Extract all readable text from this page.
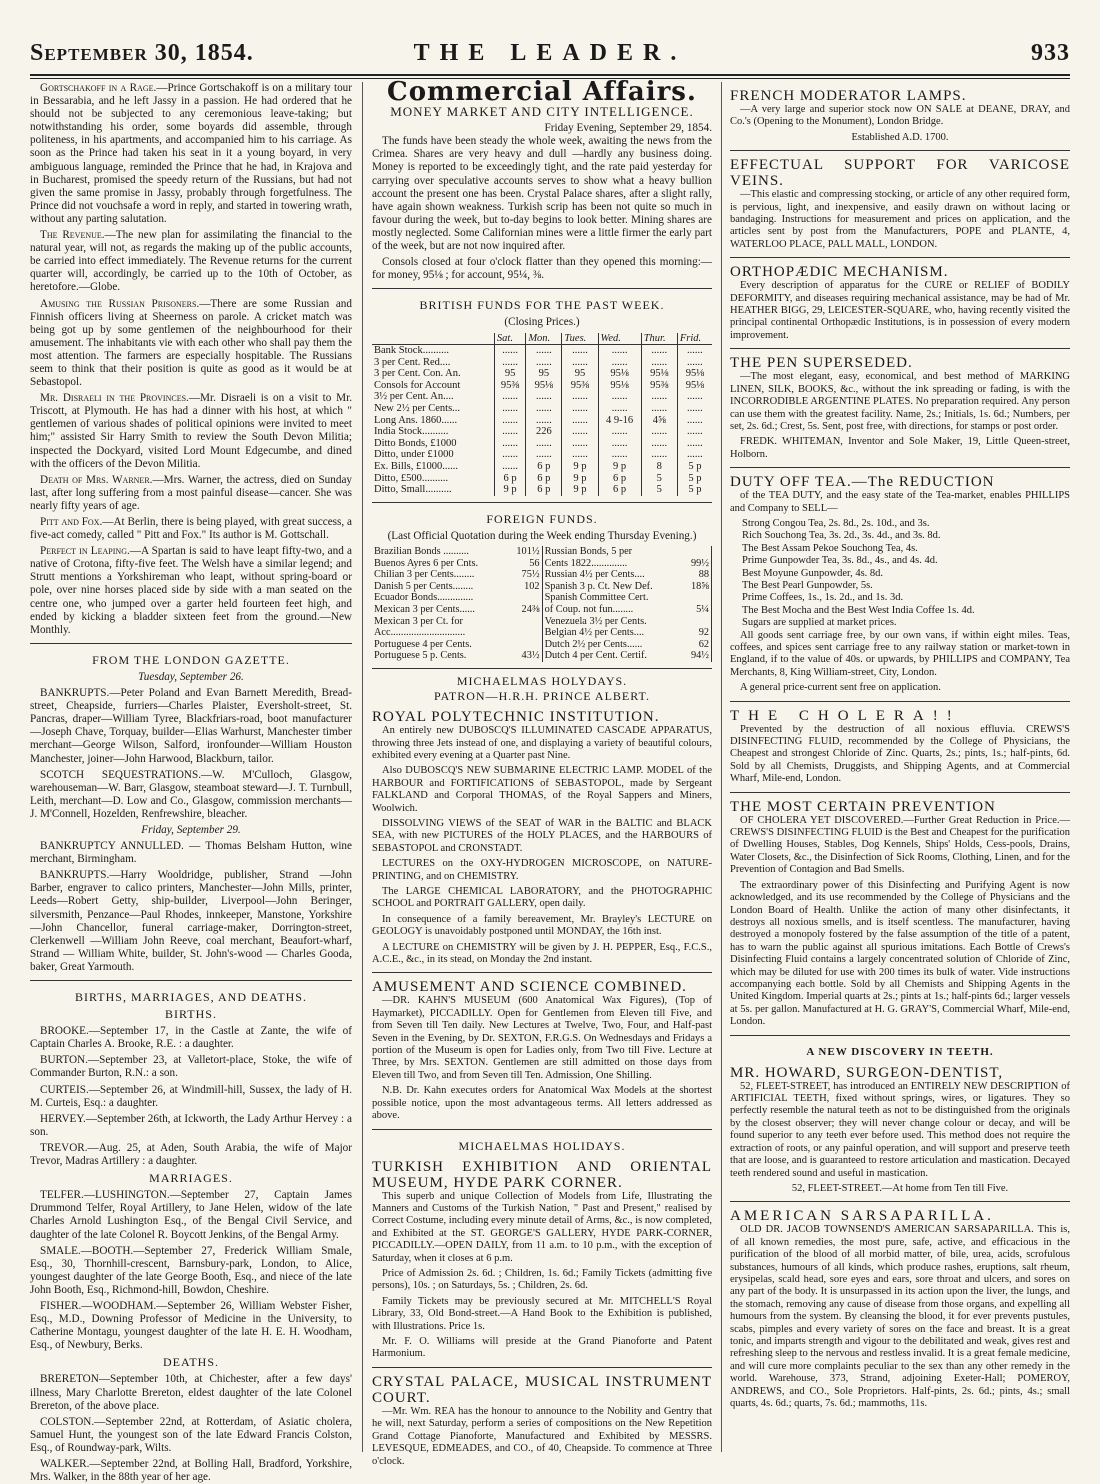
September 30, 1854.	THE LEADER.	933

Gortschakoff in a Rage.—Prince Gortschakoff is on a military tour in Bessarabia, and he left Jassy in a passion. He had ordered that he should not be subjected to any ceremonious leave-taking; but notwithstanding his order, some boyards did assemble, through politeness, in his apartments, and accompanied him to his carriage. As soon as the Prince had taken his seat in it a young boyard, in very ambiguous language, reminded the Prince that he had, in Krajova and in Bucharest, promised the speedy return of the Russians, but had not given the same promise in Jassy, probably through forgetfulness. The Prince did not vouchsafe a word in reply, and started in towering wrath, without any parting salutation.

The Revenue.—The new plan for assimilating the financial to the natural year, will not, as regards the making up of the public accounts, be carried into effect immediately. The Revenue returns for the current quarter will, accordingly, be carried up to the 10th of October, as heretofore.—Globe.

Amusing the Russian Prisoners.—There are some Russian and Finnish officers living at Sheerness on parole. A cricket match was being got up by some gentlemen of the neighbourhood for their amusement. The inhabitants vie with each other who shall pay them the most attention. The farmers are especially hospitable. The Russians seem to think that their position is quite as good as it would be at Sebastopol.

Mr. Disraeli in the Provinces.—Mr. Disraeli is on a visit to Mr. Triscott, at Plymouth. He has had a dinner with his host, at which " gentlemen of various shades of political opinions were invited to meet him;" assisted Sir Harry Smith to review the South Devon Militia; inspected the Dockyard, visited Lord Mount Edgecumbe, and dined with the officers of the Devon Militia.

Death of Mrs. Warner.—Mrs. Warner, the actress, died on Sunday last, after long suffering from a most painful disease—cancer. She was nearly fifty years of age.

Pitt and Fox.—At Berlin, there is being played, with great success, a five-act comedy, called " Pitt and Fox." Its author is M. Gottschall.

Perfect in Leaping.—A Spartan is said to have leapt fifty-two, and a native of Crotona, fifty-five feet. The Welsh have a similar legend; and Strutt mentions a Yorkshireman who leapt, without spring-board or pole, over nine horses placed side by side with a man seated on the centre one, who jumped over a garter held fourteen feet high, and ended by kicking a bladder sixteen feet from the ground.—New Monthly.

FROM THE LONDON GAZETTE.
Tuesday, September 26.

BANKRUPTS.—Peter Poland and Evan Barnett Meredith, Bread-street, Cheapside, furriers—Charles Plaister, Eversholt-street, St. Pancras, draper—William Tyree, Blackfriars-road, boot manufacturer—Joseph Chave, Torquay, builder—Elias Warhurst, Manchester timber merchant—George Wilson, Salford, ironfounder—William Houston Manchester, joiner—John Harwood, Blackburn, tailor.

SCOTCH SEQUESTRATIONS.—W. M'Culloch, Glasgow, warehouseman—W. Barr, Glasgow, steamboat steward—J. T. Turnbull, Leith, merchant—D. Low and Co., Glasgow, commission merchants—J. M'Connell, Hozelden, Renfrewshire, bleacher.

Friday, September 29.

BANKRUPTCY ANNULLED. — Thomas Belsham Hutton, wine merchant, Birmingham.

BANKRUPTS.—Harry Wooldridge, publisher, Strand —John Barber, engraver to calico printers, Manchester—John Mills, printer, Leeds—Robert Getty, ship-builder, Liverpool—John Beringer, silversmith, Penzance—Paul Rhodes, innkeeper, Manstone, Yorkshire—John Chancellor, funeral carriage-maker, Dorrington-street, Clerkenwell —William John Reeve, coal merchant, Beaufort-wharf, Strand — William White, builder, St. John's-wood — Charles Gooda, baker, Great Yarmouth.

BIRTHS, MARRIAGES, AND DEATHS.
BIRTHS.

BROOKE.—September 17, in the Castle at Zante, the wife of Captain Charles A. Brooke, R.E. : a daughter.

BURTON.—September 23, at Valletort-place, Stoke, the wife of Commander Burton, R.N.: a son.

CURTEIS.—September 26, at Windmill-hill, Sussex, the lady of H. M. Curteis, Esq.: a daughter.

HERVEY.—September 26th, at Ickworth, the Lady Arthur Hervey : a son.

TREVOR.—Aug. 25, at Aden, South Arabia, the wife of Major Trevor, Madras Artillery : a daughter.

MARRIAGES.

TELFER.—LUSHINGTON.—September 27, Captain James Drummond Telfer, Royal Artillery, to Jane Helen, widow of the late Charles Arnold Lushington Esq., of the Bengal Civil Service, and daughter of the late Colonel R. Boycott Jenkins, of the Bengal Army.

SMALE.—BOOTH.—September 27, Frederick William Smale, Esq., 30, Thornhill-crescent, Barnsbury-park, London, to Alice, youngest daughter of the late George Booth, Esq., and niece of the late John Booth, Esq., Richmond-hill, Bowdon, Cheshire.

FISHER.—WOODHAM.—September 26, William Webster Fisher, Esq., M.D., Downing Professor of Medicine in the University, to Catherine Montagu, youngest daughter of the late H. E. H. Woodham, Esq., of Newbury, Berks.

DEATHS.

BRERETON—September 10th, at Chichester, after a few days' illness, Mary Charlotte Brereton, eldest daughter of the late Colonel Brereton, of the above place.

COLSTON.—September 22nd, at Rotterdam, of Asiatic cholera, Samuel Hunt, the youngest son of the late Edward Francis Colston, Esq., of Roundway-park, Wilts.

WALKER.—September 22nd, at Bolling Hall, Bradford, Yorkshire, Mrs. Walker, in the 88th year of her age.

Commercial Affairs.
MONEY MARKET AND CITY INTELLIGENCE.
Friday Evening, September 29, 1854.

The funds have been steady the whole week, awaiting the news from the Crimea. Shares are very heavy and dull —hardly any business doing. Money is reported to be exceedingly tight, and the rate paid yesterday for carrying over speculative accounts serves to show what a heavy bullion account the present one has been. Crystal Palace shares, after a slight rally, have again shown weakness. Turkish scrip has been not quite so much in favour during the week, but to-day begins to look better. Mining shares are mostly neglected. Some Californian mines were a little firmer the early part of the week, but are not now inquired after.

Consols closed at four o'clock flatter than they opened this morning:—for money, 95⅛ ; for account, 95¼, ⅜.

BRITISH FUNDS FOR THE PAST WEEK.
(Closing Prices.)
	Sat.	Mon.	Tues.	Wed.	Thur.	Frid.
Bank Stock..........	......	......	......	......	......	......
3 per Cent. Red....	......	......	......	......	......	......
3 per Cent. Con. An.	95	95	95	95⅛	95⅛	95⅛
Consols for Account	95⅜	95⅛	95⅜	95⅛	95⅜	95⅛
3½ per Cent. An....	......	......	......	......	......	......
New 2½ per Cents...	......	......	......	......	......	......
Long Ans. 1860......	......	......	......	4 9-16	4⅝	......
India Stock..........	......	226	......	......	......	......
Ditto Bonds, £1000	......	......	......	......	......	......
Ditto, under £1000	......	......	......	......	......	......
Ex. Bills, £1000......	......	6 p	9 p	9 p	8	5 p
Ditto, £500..........	6 p	6 p	9 p	6 p	5	5 p
Ditto, Small..........	9 p	6 p	9 p	6 p	5	5 p
FOREIGN FUNDS.
(Last Official Quotation during the Week ending Thursday Evening.)
Brazilian Bonds ..........	101½	Russian Bonds, 5 per	
Buenos Ayres 6 per Cnts.	56	Cents 1822..............	99½
Chilian 3 per Cents........	75½	Russian 4½ per Cents....	88
Danish 5 per Cents........	102	Spanish 3 p. Ct. New Def.	18⅝
Ecuador Bonds..............		Spanish Committee Cert.	
Mexican 3 per Cents......	24⅜	of Coup. not fun........	5¼
Mexican 3 per Ct. for		Venezuela 3½ per Cents.	
Acc.............................		Belgian 4½ per Cents....	92
Portuguese 4 per Cents.		Dutch 2½ per Cents......	62
Portuguese 5 p. Cents.	43½	Dutch 4 per Cent. Certif.	94½
MICHAELMAS HOLYDAYS.
PATRON—H.R.H. PRINCE ALBERT.
ROYAL POLYTECHNIC INSTITUTION.

An entirely new DUBOSCQ'S ILLUMINATED CASCADE APPARATUS, throwing three Jets instead of one, and displaying a variety of beautiful colours, exhibited every evening at a Quarter past Nine.

Also DUBOSCQ'S NEW SUBMARINE ELECTRIC LAMP. MODEL of the HARBOUR and FORTIFICATIONS of SEBASTOPOL, made by Sergeant FALKLAND and Corporal THOMAS, of the Royal Sappers and Miners, Woolwich.

DISSOLVING VIEWS of the SEAT of WAR in the BALTIC and BLACK SEA, with new PICTURES of the HOLY PLACES, and the HARBOURS of SEBASTOPOL and CRONSTADT.

LECTURES on the OXY-HYDROGEN MICROSCOPE, on NATURE-PRINTING, and on CHEMISTRY.

The LARGE CHEMICAL LABORATORY, and the PHOTOGRAPHIC SCHOOL and PORTRAIT GALLERY, open daily.

In consequence of a family bereavement, Mr. Brayley's LECTURE on GEOLOGY is unavoidably postponed until MONDAY, the 16th inst.

A LECTURE on CHEMISTRY will be given by J. H. PEPPER, Esq., F.C.S., A.C.E., &c., in its stead, on Monday the 2nd instant.

AMUSEMENT AND SCIENCE COMBINED.

—DR. KAHN'S MUSEUM (600 Anatomical Wax Figures), (Top of Haymarket), PICCADILLY. Open for Gentlemen from Eleven till Five, and from Seven till Ten daily. New Lectures at Twelve, Two, Four, and Half-past Seven in the Evening, by Dr. SEXTON, F.R.G.S. On Wednesdays and Fridays a portion of the Museum is open for Ladies only, from Two till Five. Lecture at Three, by Mrs. SEXTON. Gentlemen are still admitted on those days from Eleven till Two, and from Seven till Ten. Admission, One Shilling.

N.B. Dr. Kahn executes orders for Anatomical Wax Models at the shortest possible notice, upon the most advantageous terms. All letters addressed as above.

MICHAELMAS HOLIDAYS.
TURKISH EXHIBITION AND ORIENTAL MUSEUM, HYDE PARK CORNER.

This superb and unique Collection of Models from Life, Illustrating the Manners and Customs of the Turkish Nation, " Past and Present," realised by Correct Costume, including every minute detail of Arms, &c., is now completed, and Exhibited at the ST. GEORGE'S GALLERY, HYDE PARK-CORNER, PICCADILLY.—OPEN DAILY, from 11 a.m. to 10 p.m., with the exception of Saturday, when it closes at 6 p.m.

Price of Admission 2s. 6d. ; Children, 1s. 6d.; Family Tickets (admitting five persons), 10s. ; on Saturdays, 5s. ; Children, 2s. 6d.

Family Tickets may be previously secured at Mr. MITCHELL'S Royal Library, 33, Old Bond-street.—A Hand Book to the Exhibition is published, with Illustrations. Price 1s.

Mr. F. O. Williams will preside at the Grand Pianoforte and Patent Harmonium.

CRYSTAL PALACE, MUSICAL INSTRUMENT COURT.

—Mr. Wm. REA has the honour to announce to the Nobility and Gentry that he will, next Saturday, perform a series of compositions on the New Repetition Grand Cottage Pianoforte, Manufactured and Exhibited by MESSRS. LEVESQUE, EDMEADES, and CO., of 40, Cheapside. To commence at Three o'clock.

FRENCH MODERATOR LAMPS.

—A very large and superior stock now ON SALE at DEANE, DRAY, and Co.'s (Opening to the Monument), London Bridge.

Established A.D. 1700.
EFFECTUAL SUPPORT FOR VARICOSE VEINS.

—This elastic and compressing stocking, or article of any other required form, is pervious, light, and inexpensive, and easily drawn on without lacing or bandaging. Instructions for measurement and prices on application, and the articles sent by post from the Manufacturers, POPE and PLANTE, 4, WATERLOO PLACE, PALL MALL, LONDON.

ORTHOPÆDIC MECHANISM.

Every description of apparatus for the CURE or RELIEF of BODILY DEFORMITY, and diseases requiring mechanical assistance, may be had of Mr. HEATHER BIGG, 29, LEICESTER-SQUARE, who, having recently visited the principal continental Orthopædic Institutions, is in possession of every modern improvement.

THE PEN SUPERSEDED.

—The most elegant, easy, economical, and best method of MARKING LINEN, SILK, BOOKS, &c., without the ink spreading or fading, is with the INCORRODIBLE ARGENTINE PLATES. No preparation required. Any person can use them with the greatest facility. Name, 2s.; Initials, 1s. 6d.; Numbers, per set, 2s. 6d.; Crest, 5s. Sent, post free, with directions, for stamps or post order.

FREDK. WHITEMAN, Inventor and Sole Maker, 19, Little Queen-street, Holborn.

DUTY OFF TEA.—The REDUCTION

of the TEA DUTY, and the easy state of the Tea-market, enables PHILLIPS and Company to SELL—

Strong Congou Tea, 2s. 8d., 2s. 10d., and 3s.
Rich Souchong Tea, 3s. 2d., 3s. 4d., and 3s. 8d.
The Best Assam Pekoe Souchong Tea, 4s.
Prime Gunpowder Tea, 3s. 8d., 4s., and 4s. 4d.
Best Moyune Gunpowder, 4s. 8d.
The Best Pearl Gunpowder, 5s.
Prime Coffees, 1s., 1s. 2d., and 1s. 3d.
The Best Mocha and the Best West India Coffee 1s. 4d.
Sugars are supplied at market prices.

All goods sent carriage free, by our own vans, if within eight miles. Teas, coffees, and spices sent carriage free to any railway station or market-town in England, if to the value of 40s. or upwards, by PHILLIPS and COMPANY, Tea Merchants, 8, King William-street, City, London.

A general price-current sent free on application.

THE CHOLERA!!

Prevented by the destruction of all noxious effluvia. CREWS'S DISINFECTING FLUID, recommended by the College of Physicians, the Cheapest and strongest Chloride of Zinc. Quarts, 2s.; pints, 1s.; half-pints, 6d. Sold by all Chemists, Druggists, and Shipping Agents, and at Commercial Wharf, Mile-end, London.

THE MOST CERTAIN PREVENTION

OF CHOLERA YET DISCOVERED.—Further Great Reduction in Price.—CREWS'S DISINFECTING FLUID is the Best and Cheapest for the purification of Dwelling Houses, Stables, Dog Kennels, Ships' Holds, Cess-pools, Drains, Water Closets, &c., the Disinfection of Sick Rooms, Clothing, Linen, and for the Prevention of Contagion and Bad Smells.

The extraordinary power of this Disinfecting and Purifying Agent is now acknowledged, and its use recommended by the College of Physicians and the London Board of Health. Unlike the action of many other disinfectants, it destroys all noxious smells, and is itself scentless. The manufacturer, having destroyed a monopoly fostered by the false assumption of the title of a patent, has to warn the public against all spurious imitations. Each Bottle of Crews's Disinfecting Fluid contains a largely concentrated solution of Chloride of Zinc, which may be diluted for use with 200 times its bulk of water. Vide instructions accompanying each bottle. Sold by all Chemists and Shipping Agents in the United Kingdom. Imperial quarts at 2s.; pints at 1s.; half-pints 6d.; larger vessels at 5s. per gallon. Manufactured at H. G. GRAY'S, Commercial Wharf, Mile-end, London.

A NEW DISCOVERY IN TEETH.
MR. HOWARD, SURGEON-DENTIST,

52, FLEET-STREET, has introduced an ENTIRELY NEW DESCRIPTION of ARTIFICIAL TEETH, fixed without springs, wires, or ligatures. They so perfectly resemble the natural teeth as not to be distinguished from the originals by the closest observer; they will never change colour or decay, and will be found superior to any teeth ever before used. This method does not require the extraction of roots, or any painful operation, and will support and preserve teeth that are loose, and is guaranteed to restore articulation and mastication. Decayed teeth rendered sound and useful in mastication.

52, FLEET-STREET.—At home from Ten till Five.
AMERICAN SARSAPARILLA.

OLD DR. JACOB TOWNSEND'S AMERICAN SARSAPARILLA. This is, of all known remedies, the most pure, safe, active, and efficacious in the purification of the blood of all morbid matter, of bile, urea, acids, scrofulous substances, humours of all kinds, which produce rashes, eruptions, salt rheum, erysipelas, scald head, sore eyes and ears, sore throat and ulcers, and sores on any part of the body. It is unsurpassed in its action upon the liver, the lungs, and the stomach, removing any cause of disease from those organs, and expelling all humours from the system. By cleansing the blood, it for ever prevents pustules, scabs, pimples and every variety of sores on the face and breast. It is a great tonic, and imparts strength and vigour to the debilitated and weak, gives rest and refreshing sleep to the nervous and restless invalid. It is a great female medicine, and will cure more complaints peculiar to the sex than any other remedy in the world. Warehouse, 373, Strand, adjoining Exeter-Hall; POMEROY, ANDREWS, and CO., Sole Proprietors. Half-pints, 2s. 6d.; pints, 4s.; small quarts, 4s. 6d.; quarts, 7s. 6d.; mammoths, 11s.
